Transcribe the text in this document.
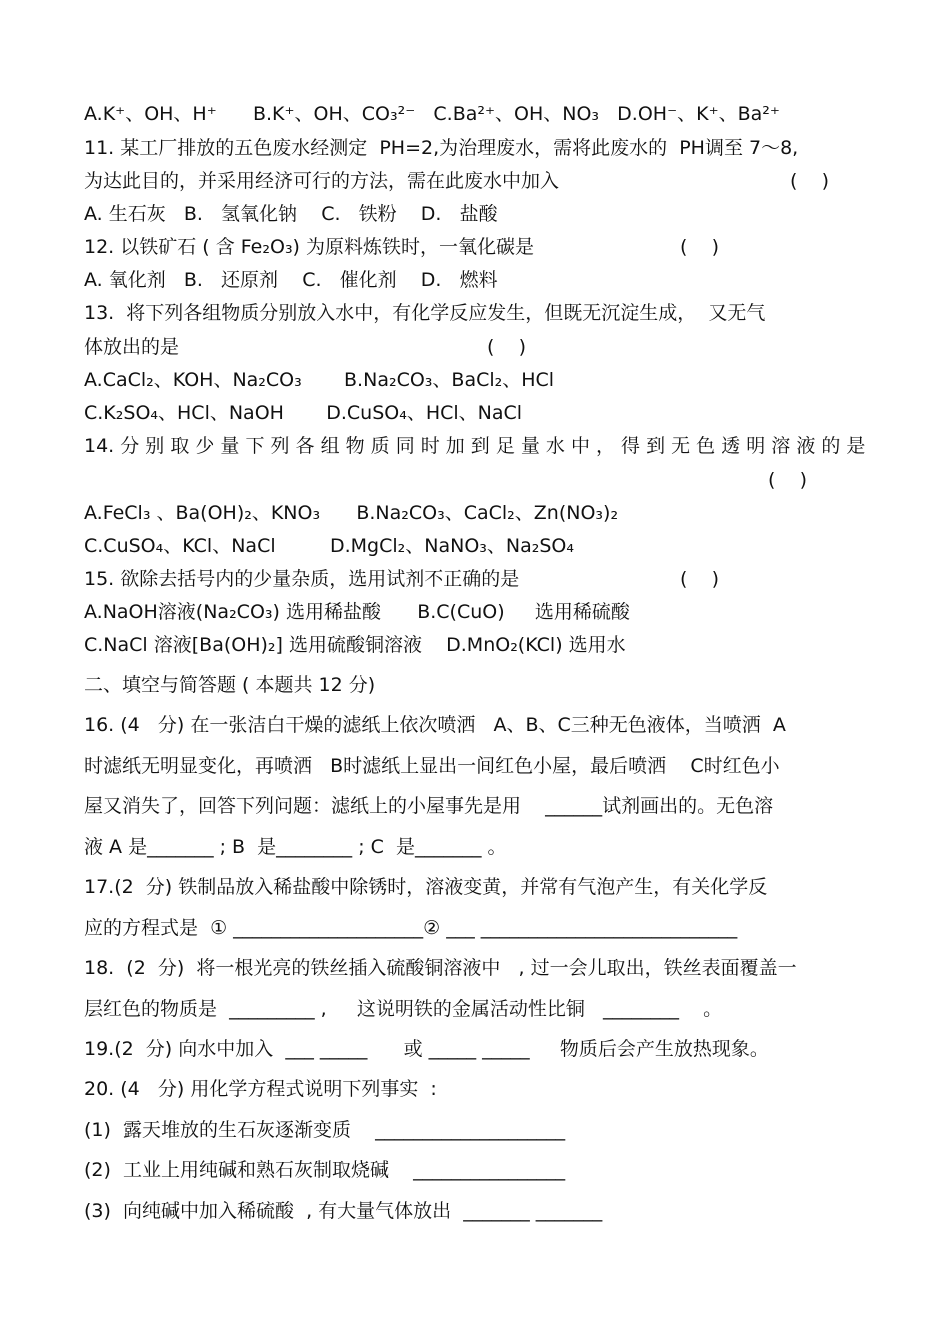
A.K⁺、OH、H⁺      B.K⁺、OH、CO₃²⁻   C.Ba²⁺、OH、NO₃   D.OH⁻、K⁺、Ba²⁺
11. 某工厂排放的五色废水经测定  PH=2,为治理废水，需将此废水的  PH调至 7～8,
为达此目的，并采用经济可行的方法，需在此废水中加入	(    )
A. 生石灰   B.   氢氧化钠    C.   铁粉    D.   盐酸
12. 以铁矿石 ( 含 Fe₂O₃) 为原料炼铁时，一氧化碳是	(    )
A. 氧化剂   B.   还原剂    C.   催化剂    D.   燃料
13.  将下列各组物质分别放入水中，有化学反应发生，但既无沉淀生成，  又无气
体放出的是	(    )
A.CaCl₂、KOH、Na₂CO₃       B.Na₂CO₃、BaCl₂、HCl
C.K₂SO₄、HCl、NaOH       D.CuSO₄、HCl、NaCl
14. 分 别 取 少 量 下 列 各 组 物 质 同 时 加 到 足 量 水 中 ， 得 到 无 色 透 明 溶 液 的 是
(    )
A.FeCl₃ 、Ba(OH)₂、KNO₃      B.Na₂CO₃、CaCl₂、Zn(NO₃)₂
C.CuSO₄、KCl、NaCl         D.MgCl₂、NaNO₃、Na₂SO₄
15. 欲除去括号内的少量杂质，选用试剂不正确的是	(    )
A.NaOH溶液(Na₂CO₃) 选用稀盐酸      B.C(CuO)     选用稀硫酸
C.NaCl 溶液[Ba(OH)₂] 选用硫酸铜溶液    D.MnO₂(KCl) 选用水
二、填空与简答题 ( 本题共 12 分)
16. (4   分) 在一张洁白干燥的滤纸上依次喷洒   A、B、C三种无色液体，当喷洒  A
时滤纸无明显变化，再喷洒   B时滤纸上显出一间红色小屋，最后喷洒    C时红色小
屋又消失了，回答下列问题：滤纸上的小屋事先是用    ______试剂画出的。无色溶
液 A 是_______ ; B  是________ ; C  是_______ 。
17.(2  分) 铁制品放入稀盐酸中除锈时，溶液变黄，并常有气泡产生，有关化学反
应的方程式是  ① ____________________② ___ ___________________________
18.  (2  分)  将一根光亮的铁丝插入硫酸铜溶液中   , 过一会儿取出，铁丝表面覆盖一
层红色的物质是  _________ ,     这说明铁的金属活动性比铜   ________    。
19.(2  分) 向水中加入  ___ _____      或 _____ _____     物质后会产生放热现象。
20. (4   分) 用化学方程式说明下列事实  :
(1)  露天堆放的生石灰逐渐变质    ____________________
(2)  工业上用纯碱和熟石灰制取烧碱    ________________
(3)  向纯碱中加入稀硫酸  , 有大量气体放出  _______ _______
